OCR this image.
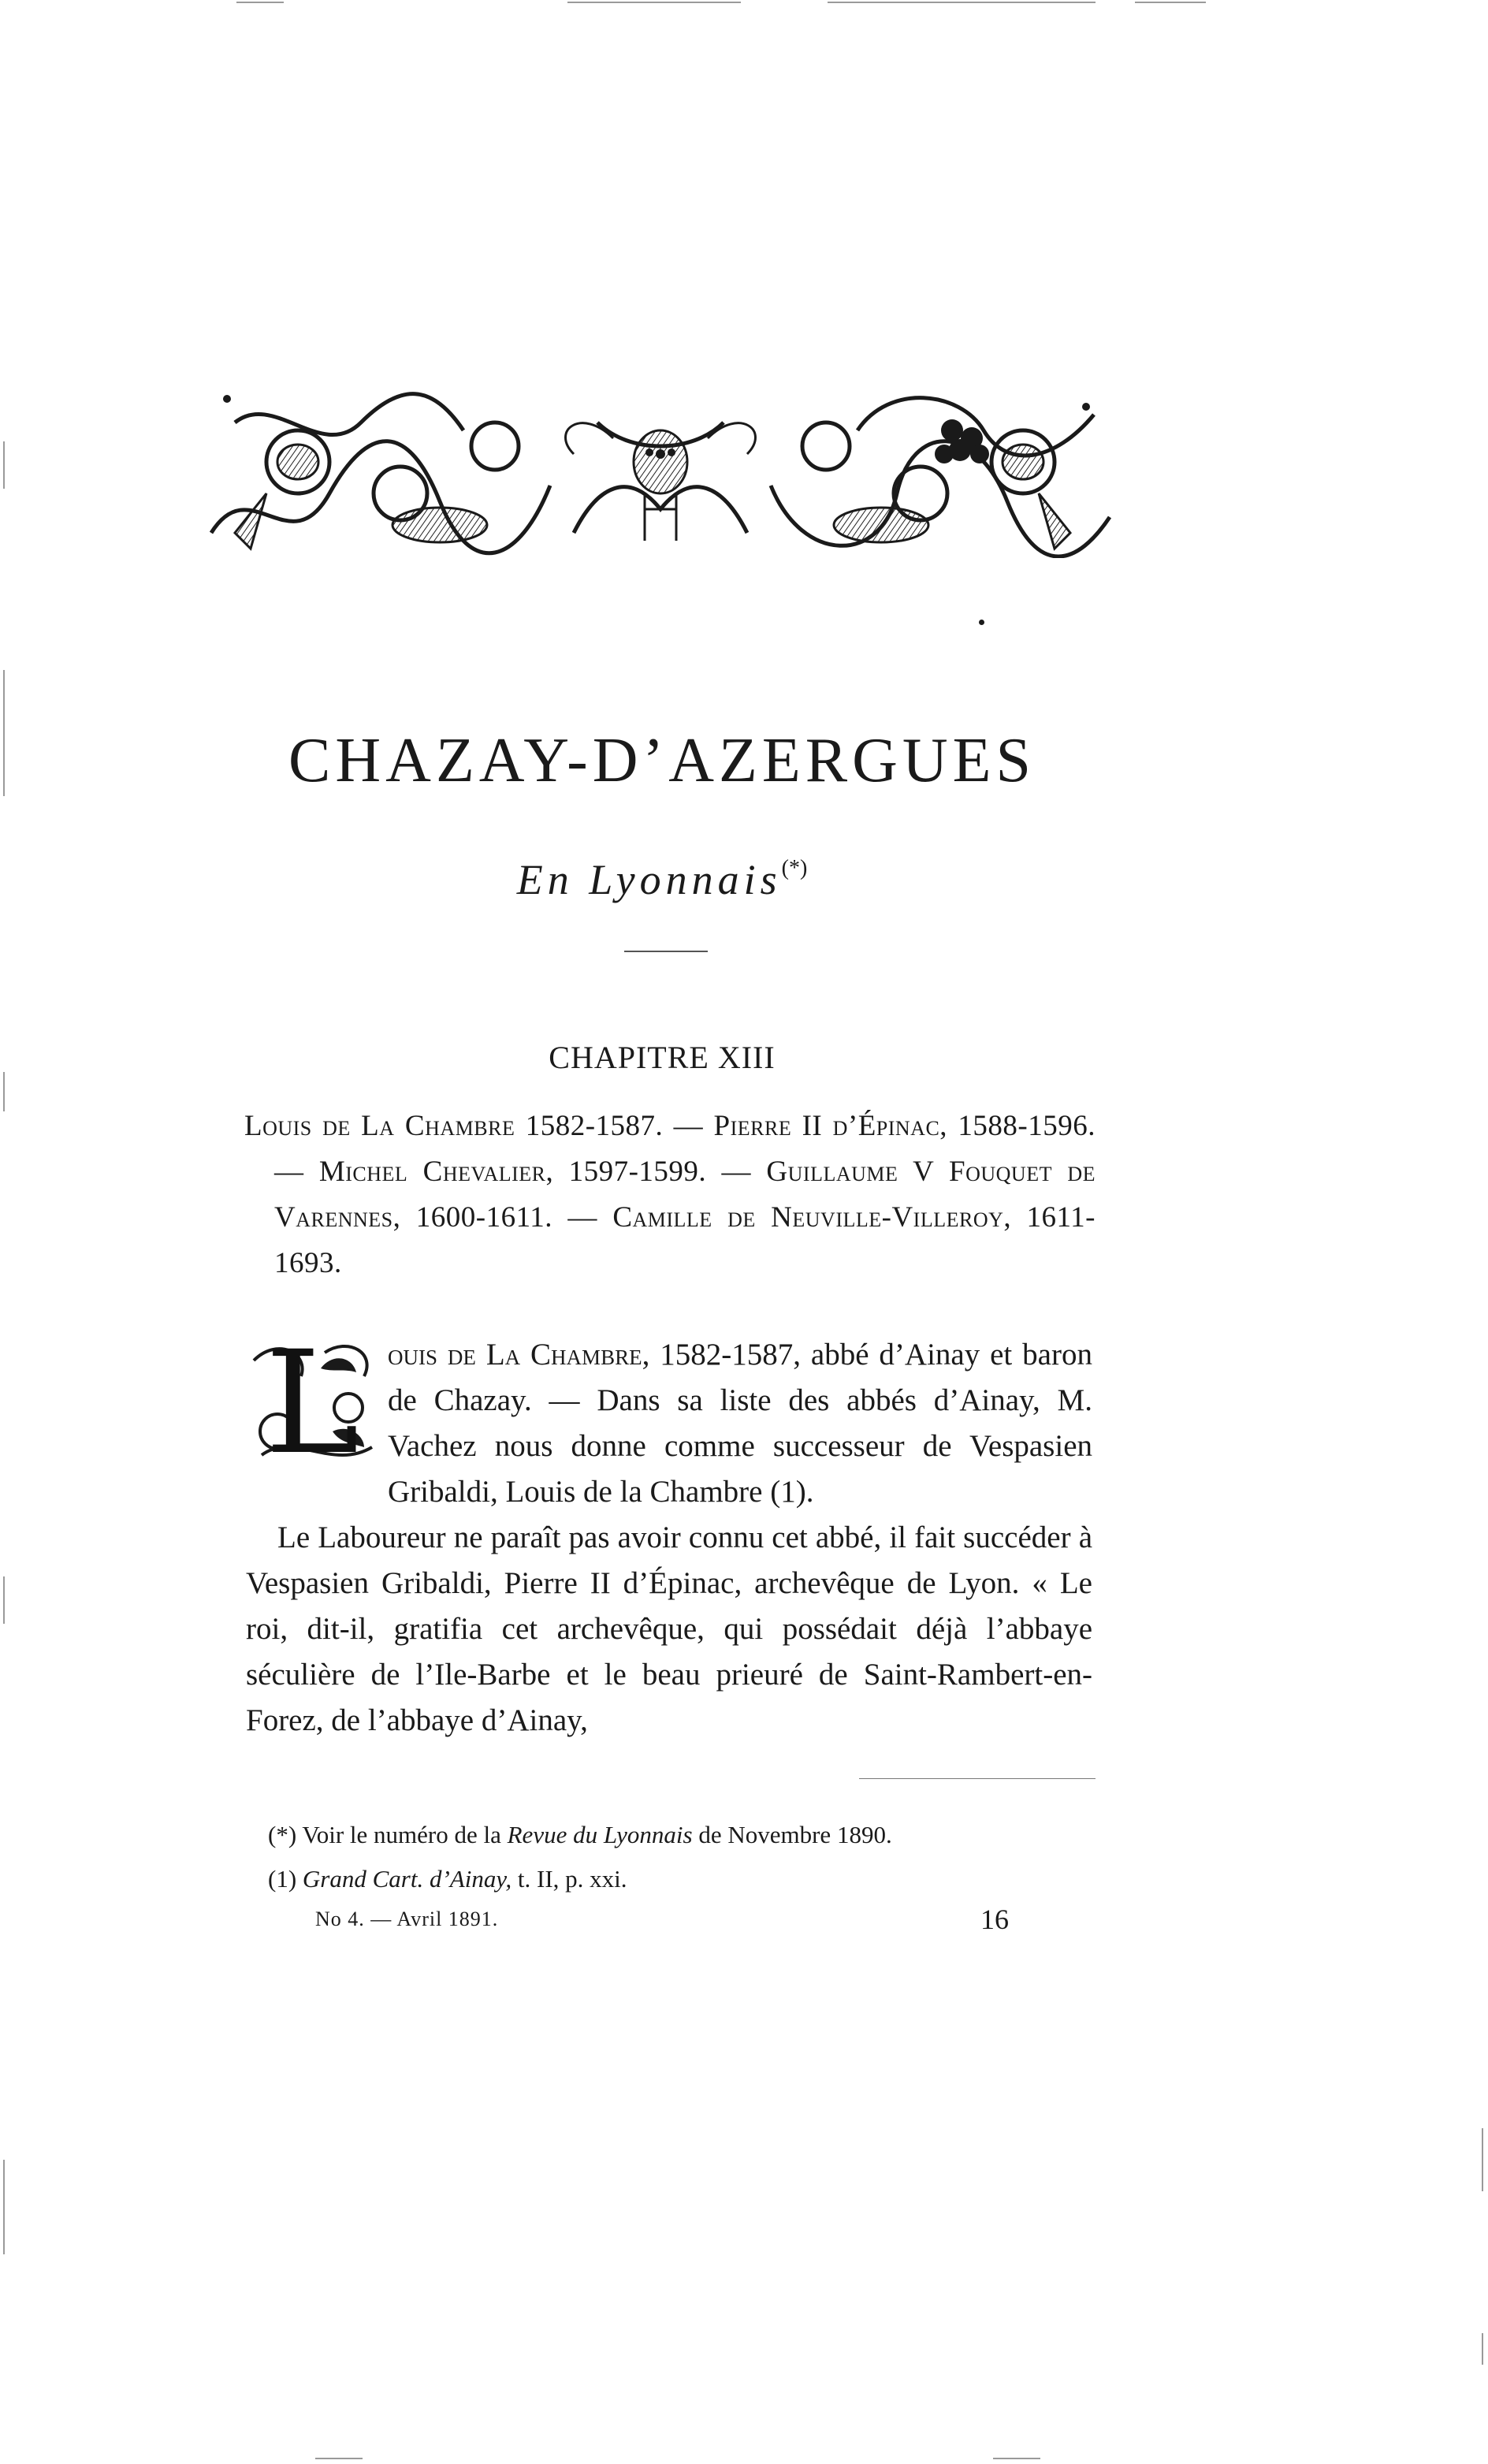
CHAZAY-D’AZERGUES
En Lyonnais(*)
CHAPITRE XIII
Louis de La Chambre 1582-1587. — Pierre II d’Épinac, 1588-1596. — Michel Chevalier, 1597-1599. — Guillaume V Fouquet de Varennes, 1600-1611. — Camille de Neuville-Villeroy, 1611-1693.

L ouis de La Chambre, 1582-1587, abbé d’Ainay et baron de Chazay. — Dans sa liste des abbés d’Ainay, M. Vachez nous donne comme successeur de Vespasien Gribaldi, Louis de la Chambre (1).

Le Laboureur ne paraît pas avoir connu cet abbé, il fait succéder à Vespasien Gribaldi, Pierre II d’Épinac, archevêque de Lyon. « Le roi, dit-il, gratifia cet archevêque, qui possédait déjà l’abbaye séculière de l’Ile-Barbe et le beau prieuré de Saint-Rambert-en-Forez, de l’abbaye d’Ainay,

(*) Voir le numéro de la Revue du Lyonnais de Novembre 1890.

(1) Grand Cart. d’Ainay, t. II, p. xxi.

No 4. — Avril 1891.	16
